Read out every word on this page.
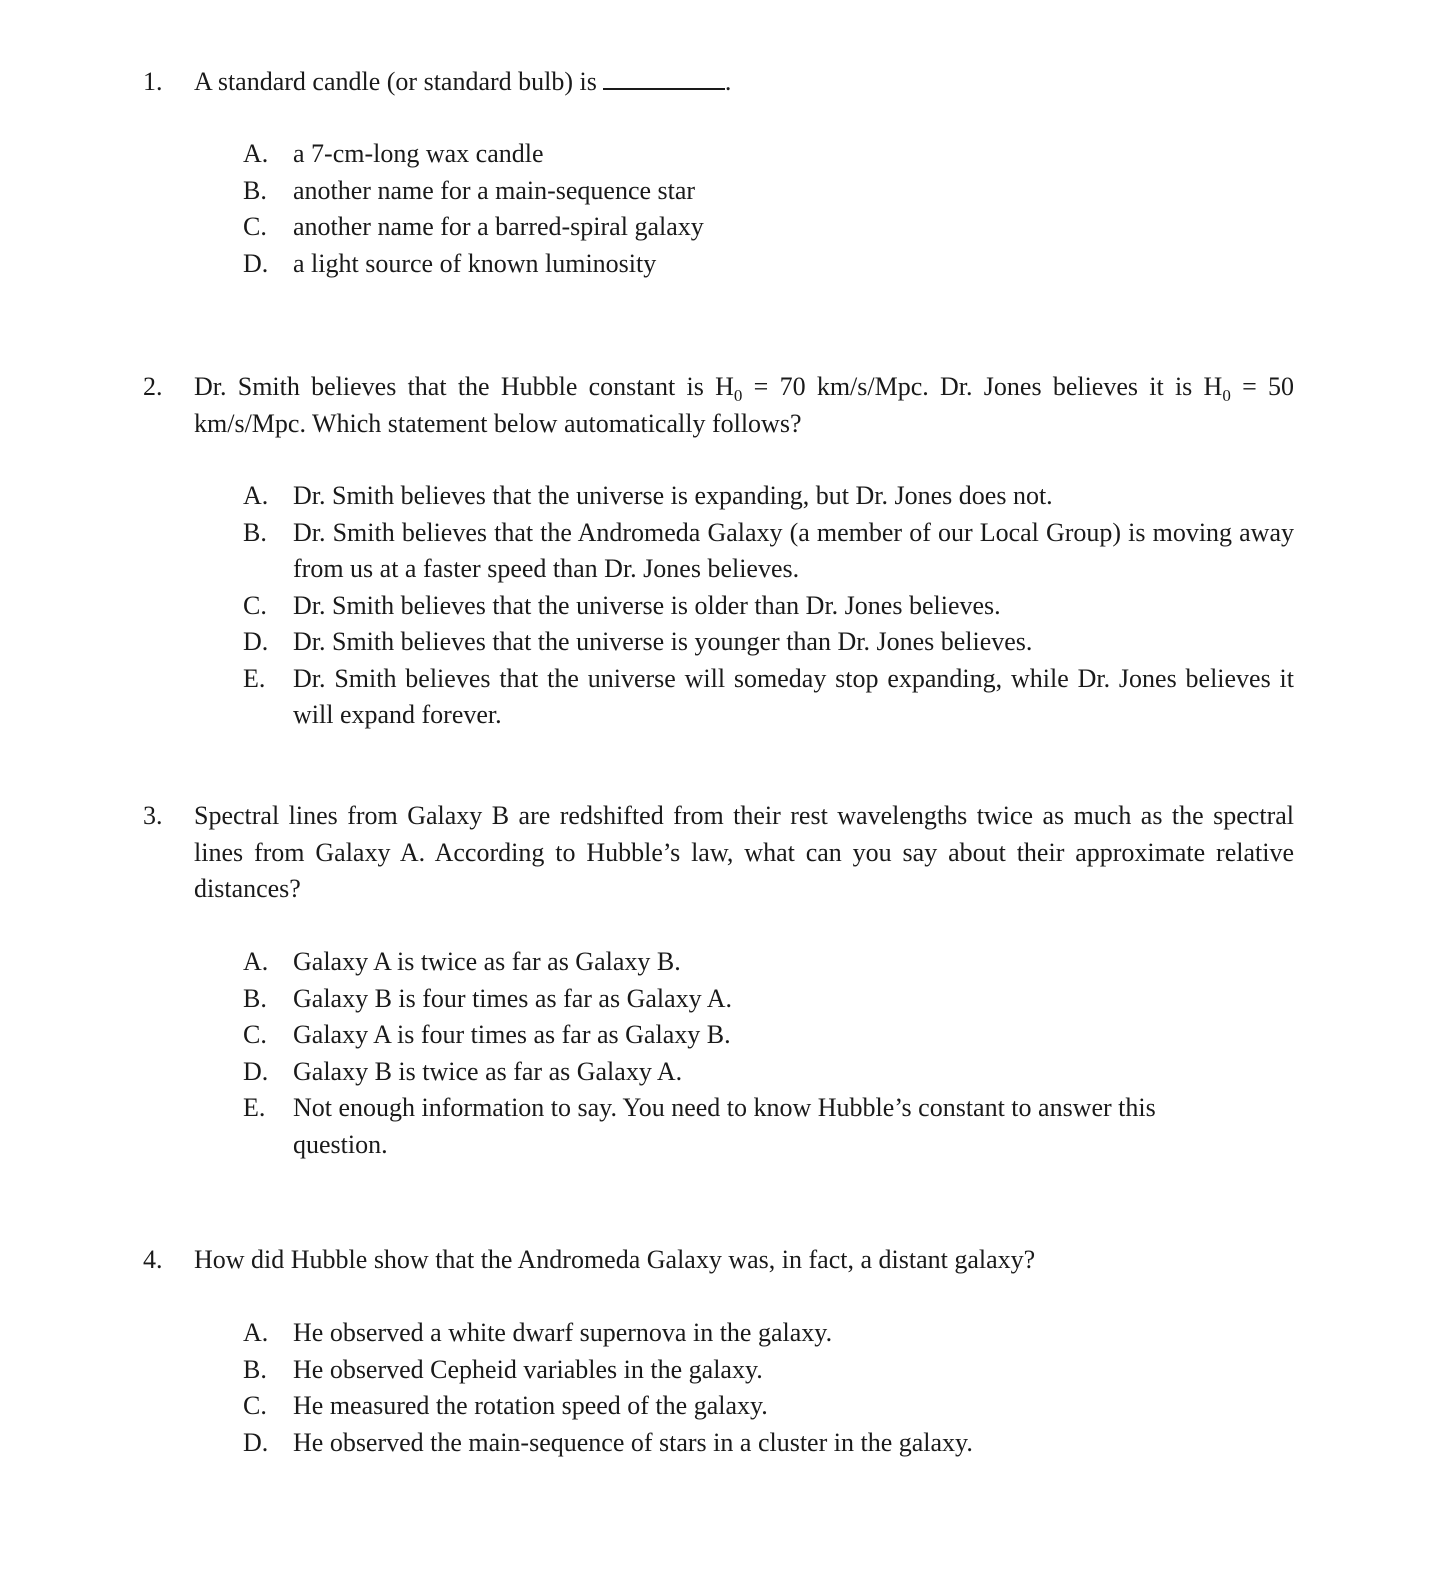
1. A standard candle (or standard bulb) is	.
A. a 7-cm-long wax candle
B. another name for a main-sequence star
C. another name for a barred-spiral galaxy
D. a light source of known luminosity
2. Dr. Smith believes that the Hubble constant is $H_0 = 70$ km/s/Mpc. Dr. Jones believes it is $H_0 = 50$ km/s/Mpc. Which statement below automatically follows?
A. Dr. Smith believes that the universe is expanding, but Dr. Jones does not.
B. Dr. Smith believes that the Andromeda Galaxy (a member of our Local Group) is moving away from us at a faster speed than Dr. Jones believes.
C. Dr. Smith believes that the universe is older than Dr. Jones believes.
D. Dr. Smith believes that the universe is younger than Dr. Jones believes.
E. Dr. Smith believes that the universe will someday stop expanding, while Dr. Jones believes it will expand forever.
3. Spectral lines from Galaxy B are redshifted from their rest wavelengths twice as much as the spectral lines from Galaxy A. According to Hubble’s law, what can you say about their approximate relative distances?
A. Galaxy A is twice as far as Galaxy B.
B. Galaxy B is four times as far as Galaxy A.
C. Galaxy A is four times as far as Galaxy B.
D. Galaxy B is twice as far as Galaxy A.
E. Not enough information to say. You need to know Hubble’s constant to answer this question.
4. How did Hubble show that the Andromeda Galaxy was, in fact, a distant galaxy?
A. He observed a white dwarf supernova in the galaxy.
B. He observed Cepheid variables in the galaxy.
C. He measured the rotation speed of the galaxy.
D. He observed the main-sequence of stars in a cluster in the galaxy.
